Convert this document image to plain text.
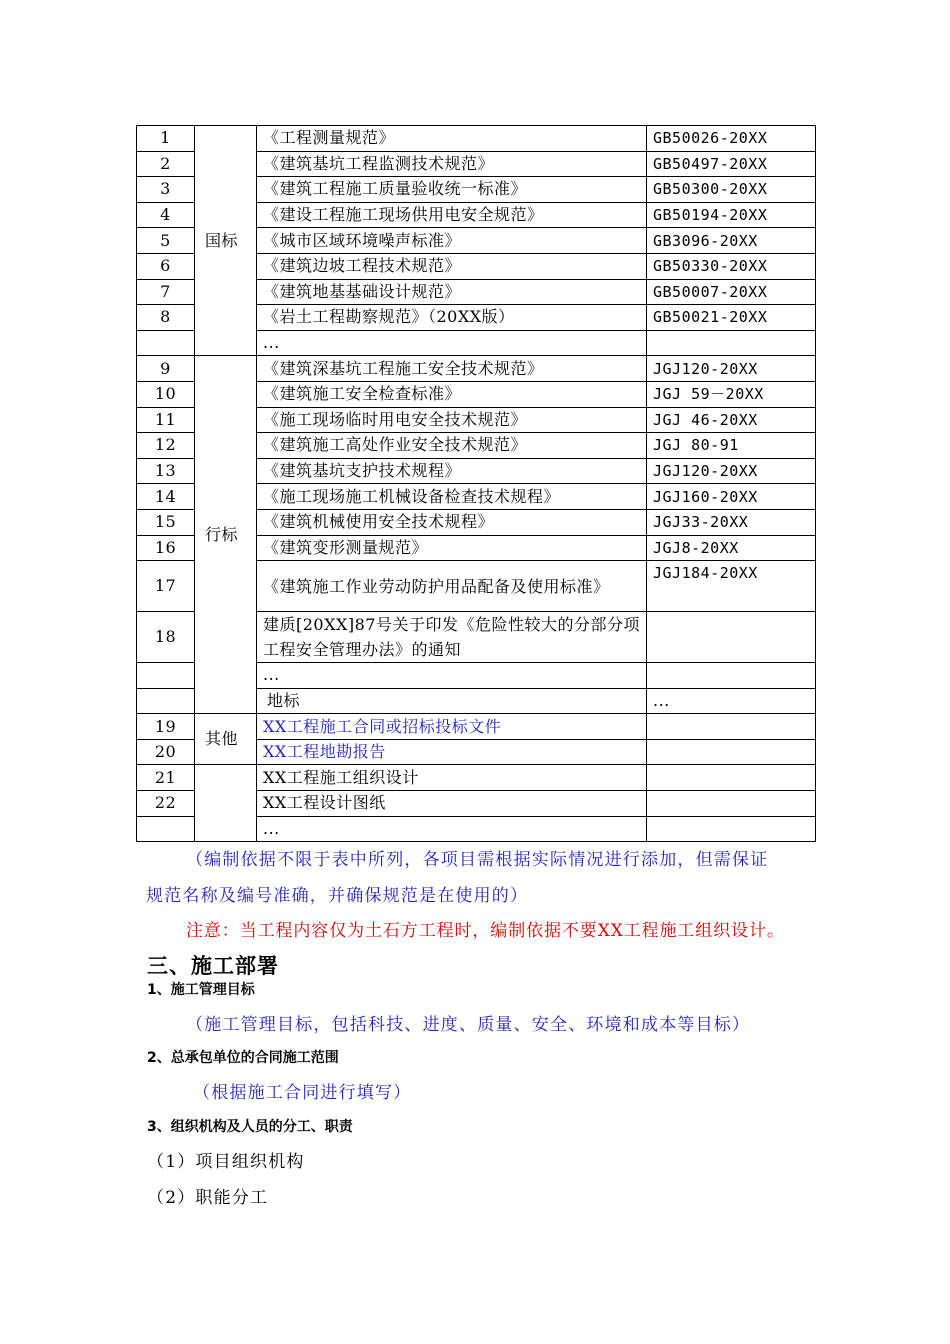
1	国标	《工程测量规范》	GB50026-20XX	
2		《建筑基坑工程监测技术规范》	GB50497-20XX	
3		《建筑工程施工质量验收统一标准》	GB50300-20XX	
4		《建设工程施工现场供用电安全规范》	GB50194-20XX	
5		《城市区域环境噪声标准》	GB3096-20XX	
6		《建筑边坡工程技术规范》	GB50330-20XX	
7		《建筑地基基础设计规范》	GB50007-20XX	
8		《岩土工程勘察规范》（20XX版）	GB50021-20XX	
		...		
9	行标	《建筑深基坑工程施工安全技术规范》	JGJ120-20XX	
10		《建筑施工安全检查标准》	JGJ 59－20XX	
11		《施工现场临时用电安全技术规范》	JGJ 46-20XX	
12		《建筑施工高处作业安全技术规范》	JGJ 80-91	
13		《建筑基坑支护技术规程》	JGJ120-20XX	
14		《施工现场施工机械设备检查技术规程》	JGJ160-20XX	
15		《建筑机械使用安全技术规程》	JGJ33-20XX	
16		《建筑变形测量规范》	JGJ8-20XX	
17		《建筑施工作业劳动防护用品配备及使用标准》	JGJ184-20XX	
18		建质[20XX]87号关于印发《危险性较大的分部分项工程安全管理办法》的通知		
		...		
		地标	...	
19	其他	XX工程施工合同或招标投标文件		
20		XX工程地勘报告		
21		XX工程施工组织设计		
22		XX工程设计图纸		
		...		
（编制依据不限于表中所列，各项目需根据实际情况进行添加，但需保证
规范名称及编号准确，并确保规范是在使用的）
注意：当工程内容仅为土石方工程时，编制依据不要XX工程施工组织设计。
三、施工部署
1、施工管理目标
（施工管理目标，包括科技、进度、质量、安全、环境和成本等目标）
2、总承包单位的合同施工范围
（根据施工合同进行填写）
3、组织机构及人员的分工、职责
（1）项目组织机构
（2）职能分工
